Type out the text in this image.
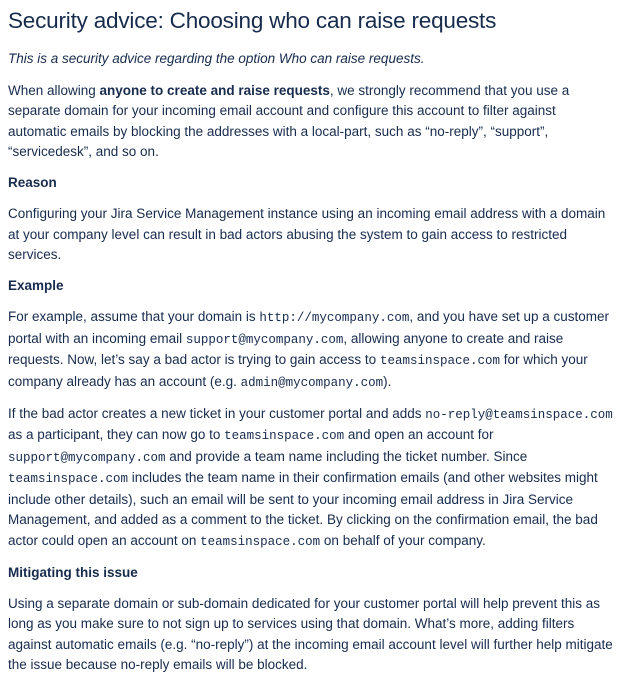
Security advice: Choosing who can raise requests

This is a security advice regarding the option Who can raise requests.

When allowing anyone to create and raise requests, we strongly recommend that you use a separate domain for your incoming email account and configure this account to filter against automatic emails by blocking the addresses with a local-part, such as “no-reply”, “support”, “servicedesk”, and so on.

Reason

Configuring your Jira Service Management instance using an incoming email address with a domain at your company level can result in bad actors abusing the system to gain access to restricted services.

Example

For example, assume that your domain is http://mycompany.com, and you have set up a customer portal with an incoming email support@mycompany.com, allowing anyone to create and raise requests. Now, let’s say a bad actor is trying to gain access to teamsinspace.com for which your company already has an account (e.g. admin@mycompany.com).

If the bad actor creates a new ticket in your customer portal and adds no-reply@teamsinspace.com as a participant, they can now go to teamsinspace.com and open an account for support@mycompany.com and provide a team name including the ticket number. Since teamsinspace.com includes the team name in their confirmation emails (and other websites might include other details), such an email will be sent to your incoming email address in Jira Service Management, and added as a comment to the ticket. By clicking on the confirmation email, the bad actor could open an account on teamsinspace.com on behalf of your company.

Mitigating this issue

Using a separate domain or sub-domain dedicated for your customer portal will help prevent this as long as you make sure to not sign up to services using that domain. What’s more, adding filters against automatic emails (e.g. “no-reply”) at the incoming email account level will further help mitigate the issue because no-reply emails will be blocked.
